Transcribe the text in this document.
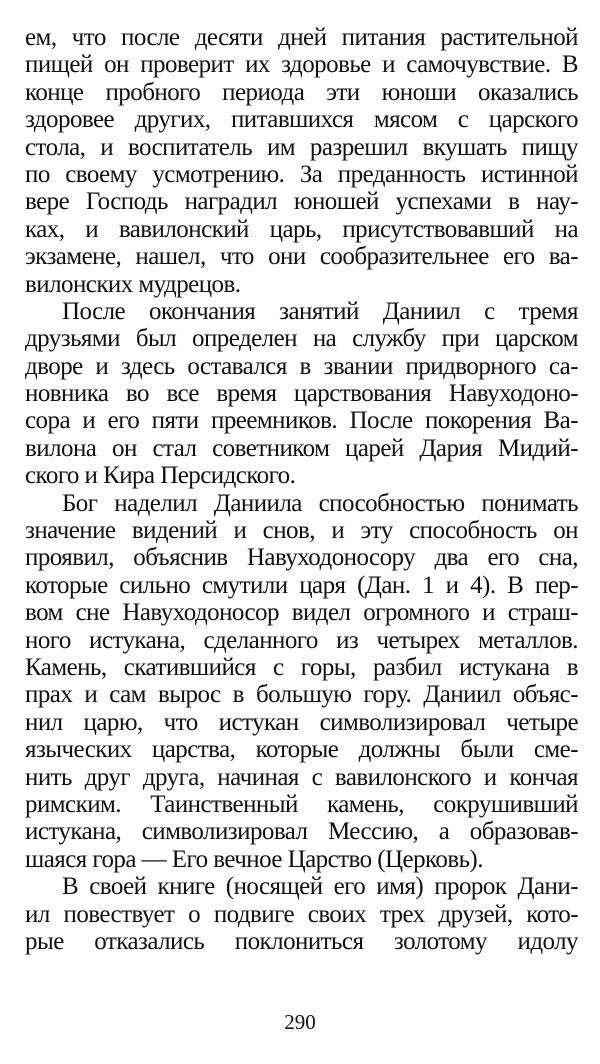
ем, что после десяти дней питания растительной
пищей он проверит их здоровье и самочувствие. В
конце пробного периода эти юноши оказались
здоровее других, питавшихся мясом с царского
стола, и воспитатель им разрешил вкушать пищу
по своему усмотрению. За преданность истинной
вере Господь наградил юношей успехами в нау-
ках, и вавилонский царь, присутствовавший на
экзамене, нашел, что они сообразительнее его ва-
вилонских мудрецов.
После окончания занятий Даниил с тремя
друзьями был определен на службу при царском
дворе и здесь оставался в звании придворного са-
новника во все время царствования Навуходоно-
сора и его пяти преемников. После покорения Ва-
вилона он стал советником царей Дария Мидий-
ского и Кира Персидского.
Бог наделил Даниила способностью понимать
значение видений и снов, и эту способность он
проявил, объяснив Навуходоносору два его сна,
которые сильно смутили царя (Дан. 1 и 4). В пер-
вом сне Навуходоносор видел огромного и страш-
ного истукана, сделанного из четырех металлов.
Камень, скатившийся с горы, разбил истукана в
прах и сам вырос в большую гору. Даниил объяс-
нил царю, что истукан символизировал четыре
языческих царства, которые должны были сме-
нить друг друга, начиная с вавилонского и кончая
римским. Таинственный камень, сокрушивший
истукана, символизировал Мессию, а образовав-
шаяся гора — Его вечное Царство (Церковь).
В своей книге (носящей его имя) пророк Дани-
ил повествует о подвиге своих трех друзей, кото-
рые отказались поклониться золотому идолу
290
